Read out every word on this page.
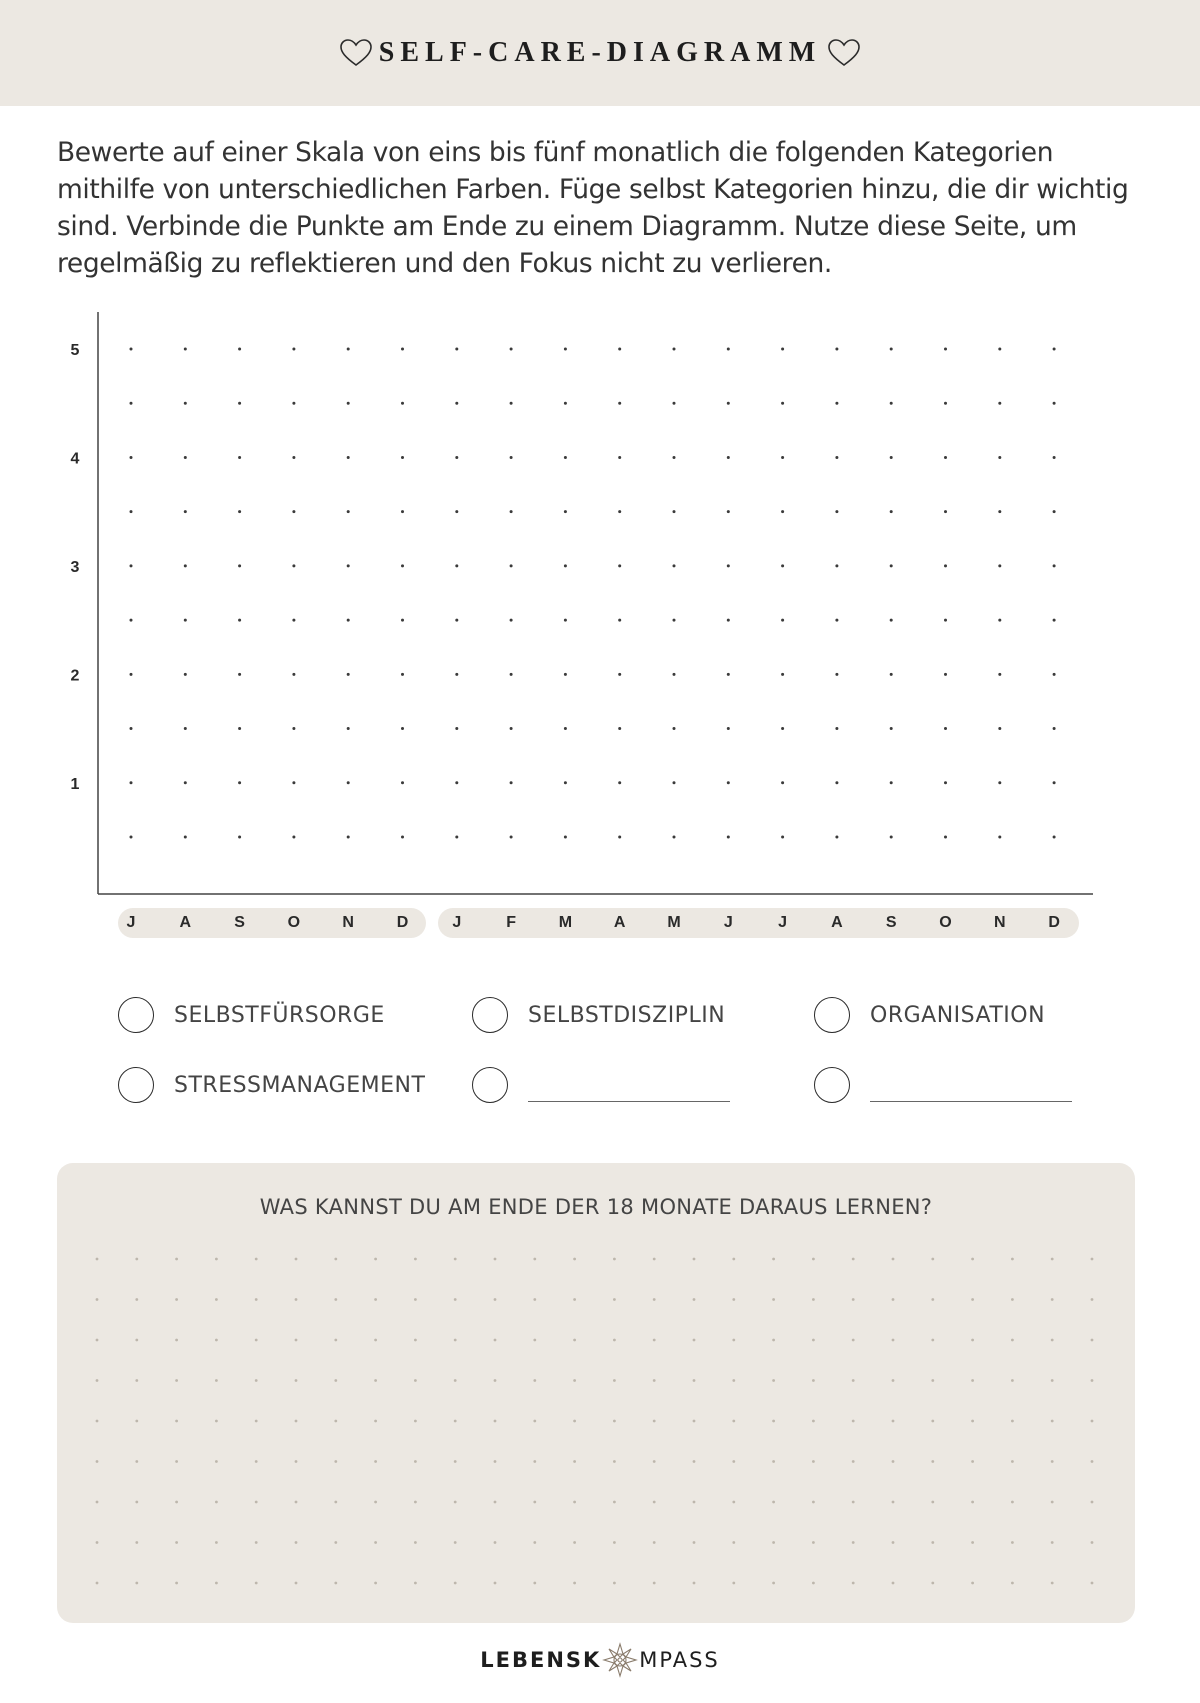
SELF-CARE-DIAGRAMM
Bewerte auf einer Skala von eins bis fünf monatlich die folgenden Kategorien mithilfe von unterschiedlichen Farben. Füge selbst Kategorien hinzu, die dir wichtig sind. Verbinde die Punkte am Ende zu einem Diagramm. Nutze diese Seite, um regelmäßig zu reflektieren und den Fokus nicht zu verlieren.
5
4
3
2
1
J	A	S	O	N	D	J	F	M	A	M	J	J	A	S	O	N	D
SELBSTFÜRSORGE	SELBSTDISZIPLIN	ORGANISATION
STRESSMANAGEMENT
WAS KANNST DU AM ENDE DER 18 MONATE DARAUS LERNEN?
LEBENSK MPASS
